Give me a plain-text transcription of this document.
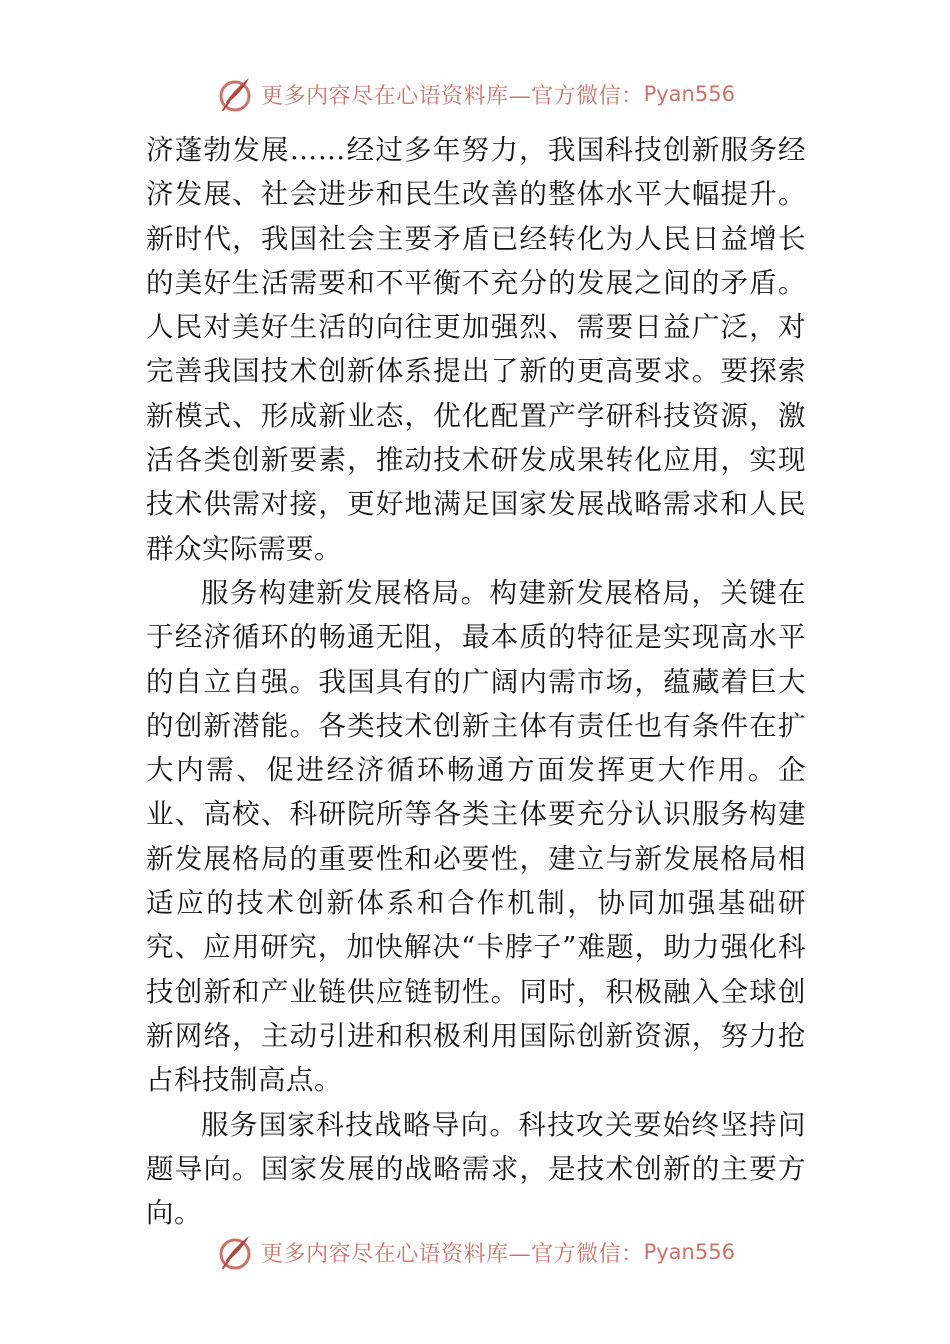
更多内容尽在心语资料库—官方微信： Pyan556

济蓬勃发展……经过多年努力，我国科技创新服务经济发展、社会进步和民生改善的整体水平大幅提升。新时代，我国社会主要矛盾已经转化为人民日益增长的美好生活需要和不平衡不充分的发展之间的矛盾。人民对美好生活的向往更加强烈、需要日益广泛，对完善我国技术创新体系提出了新的更高要求。要探索新模式、形成新业态，优化配置产学研科技资源，激活各类创新要素，推动技术研发成果转化应用，实现技术供需对接，更好地满足国家发展战略需求和人民群众实际需要。

服务构建新发展格局。构建新发展格局，关键在于经济循环的畅通无阻，最本质的特征是实现高水平的自立自强。我国具有的广阔内需市场，蕴藏着巨大的创新潜能。各类技术创新主体有责任也有条件在扩大内需、促进经济循环畅通方面发挥更大作用。企业、高校、科研院所等各类主体要充分认识服务构建新发展格局的重要性和必要性，建立与新发展格局相适应的技术创新体系和合作机制，协同加强基础研究、应用研究，加快解决“卡脖子”难题，助力强化科技创新和产业链供应链韧性。同时，积极融入全球创新网络，主动引进和积极利用国际创新资源，努力抢占科技制高点。

服务国家科技战略导向。科技攻关要始终坚持问题导向。国家发展的战略需求，是技术创新的主要方向。

更多内容尽在心语资料库—官方微信： Pyan556
